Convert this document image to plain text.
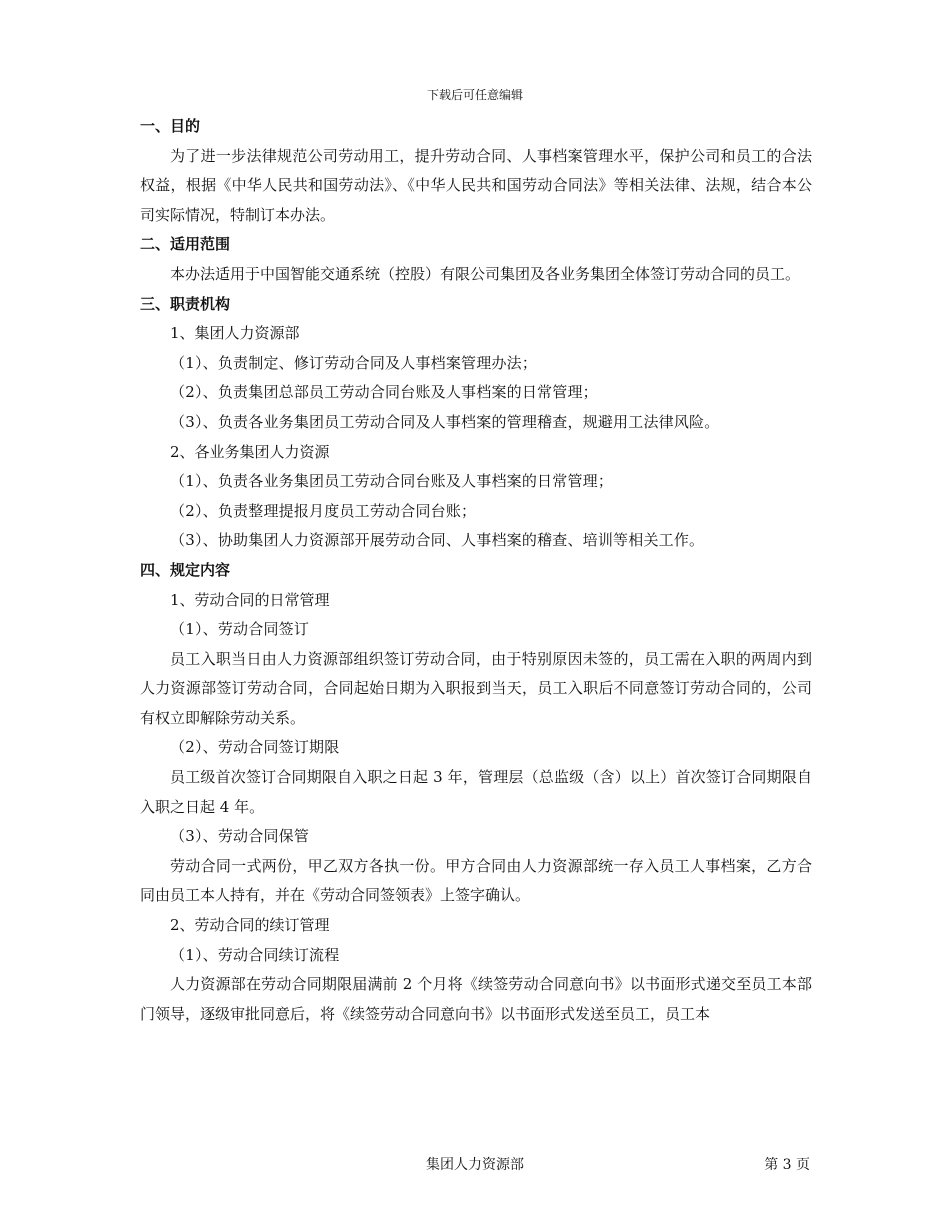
下载后可任意编辑

一、目的

为了进一步法律规范公司劳动用工，提升劳动合同、人事档案管理水平，保护公司和员工的合法权益，根据《中华人民共和国劳动法》、《中华人民共和国劳动合同法》等相关法律、法规，结合本公司实际情况，特制订本办法。

二、适用范围

本办法适用于中国智能交通系统（控股）有限公司集团及各业务集团全体签订劳动合同的员工。

三、职责机构

1、集团人力资源部

（1）、负责制定、修订劳动合同及人事档案管理办法；

（2）、负责集团总部员工劳动合同台账及人事档案的日常管理；

（3）、负责各业务集团员工劳动合同及人事档案的管理稽查，规避用工法律风险。

2、各业务集团人力资源

（1）、负责各业务集团员工劳动合同台账及人事档案的日常管理；

（2）、负责整理提报月度员工劳动合同台账；

（3）、协助集团人力资源部开展劳动合同、人事档案的稽查、培训等相关工作。

四、规定内容

1、劳动合同的日常管理

（1）、劳动合同签订

员工入职当日由人力资源部组织签订劳动合同，由于特别原因未签的，员工需在入职的两周内到人力资源部签订劳动合同，合同起始日期为入职报到当天，员工入职后不同意签订劳动合同的，公司有权立即解除劳动关系。

（2）、劳动合同签订期限

员工级首次签订合同期限自入职之日起 3 年，管理层（总监级（含）以上）首次签订合同期限自入职之日起 4 年。

（3）、劳动合同保管

劳动合同一式两份，甲乙双方各执一份。甲方合同由人力资源部统一存入员工人事档案，乙方合同由员工本人持有，并在《劳动合同签领表》上签字确认。

2、劳动合同的续订管理

（1）、劳动合同续订流程

人力资源部在劳动合同期限届满前 2 个月将《续签劳动合同意向书》以书面形式递交至员工本部门领导，逐级审批同意后，将《续签劳动合同意向书》以书面形式发送至员工，员工本

集团人力资源部	第 3 页
